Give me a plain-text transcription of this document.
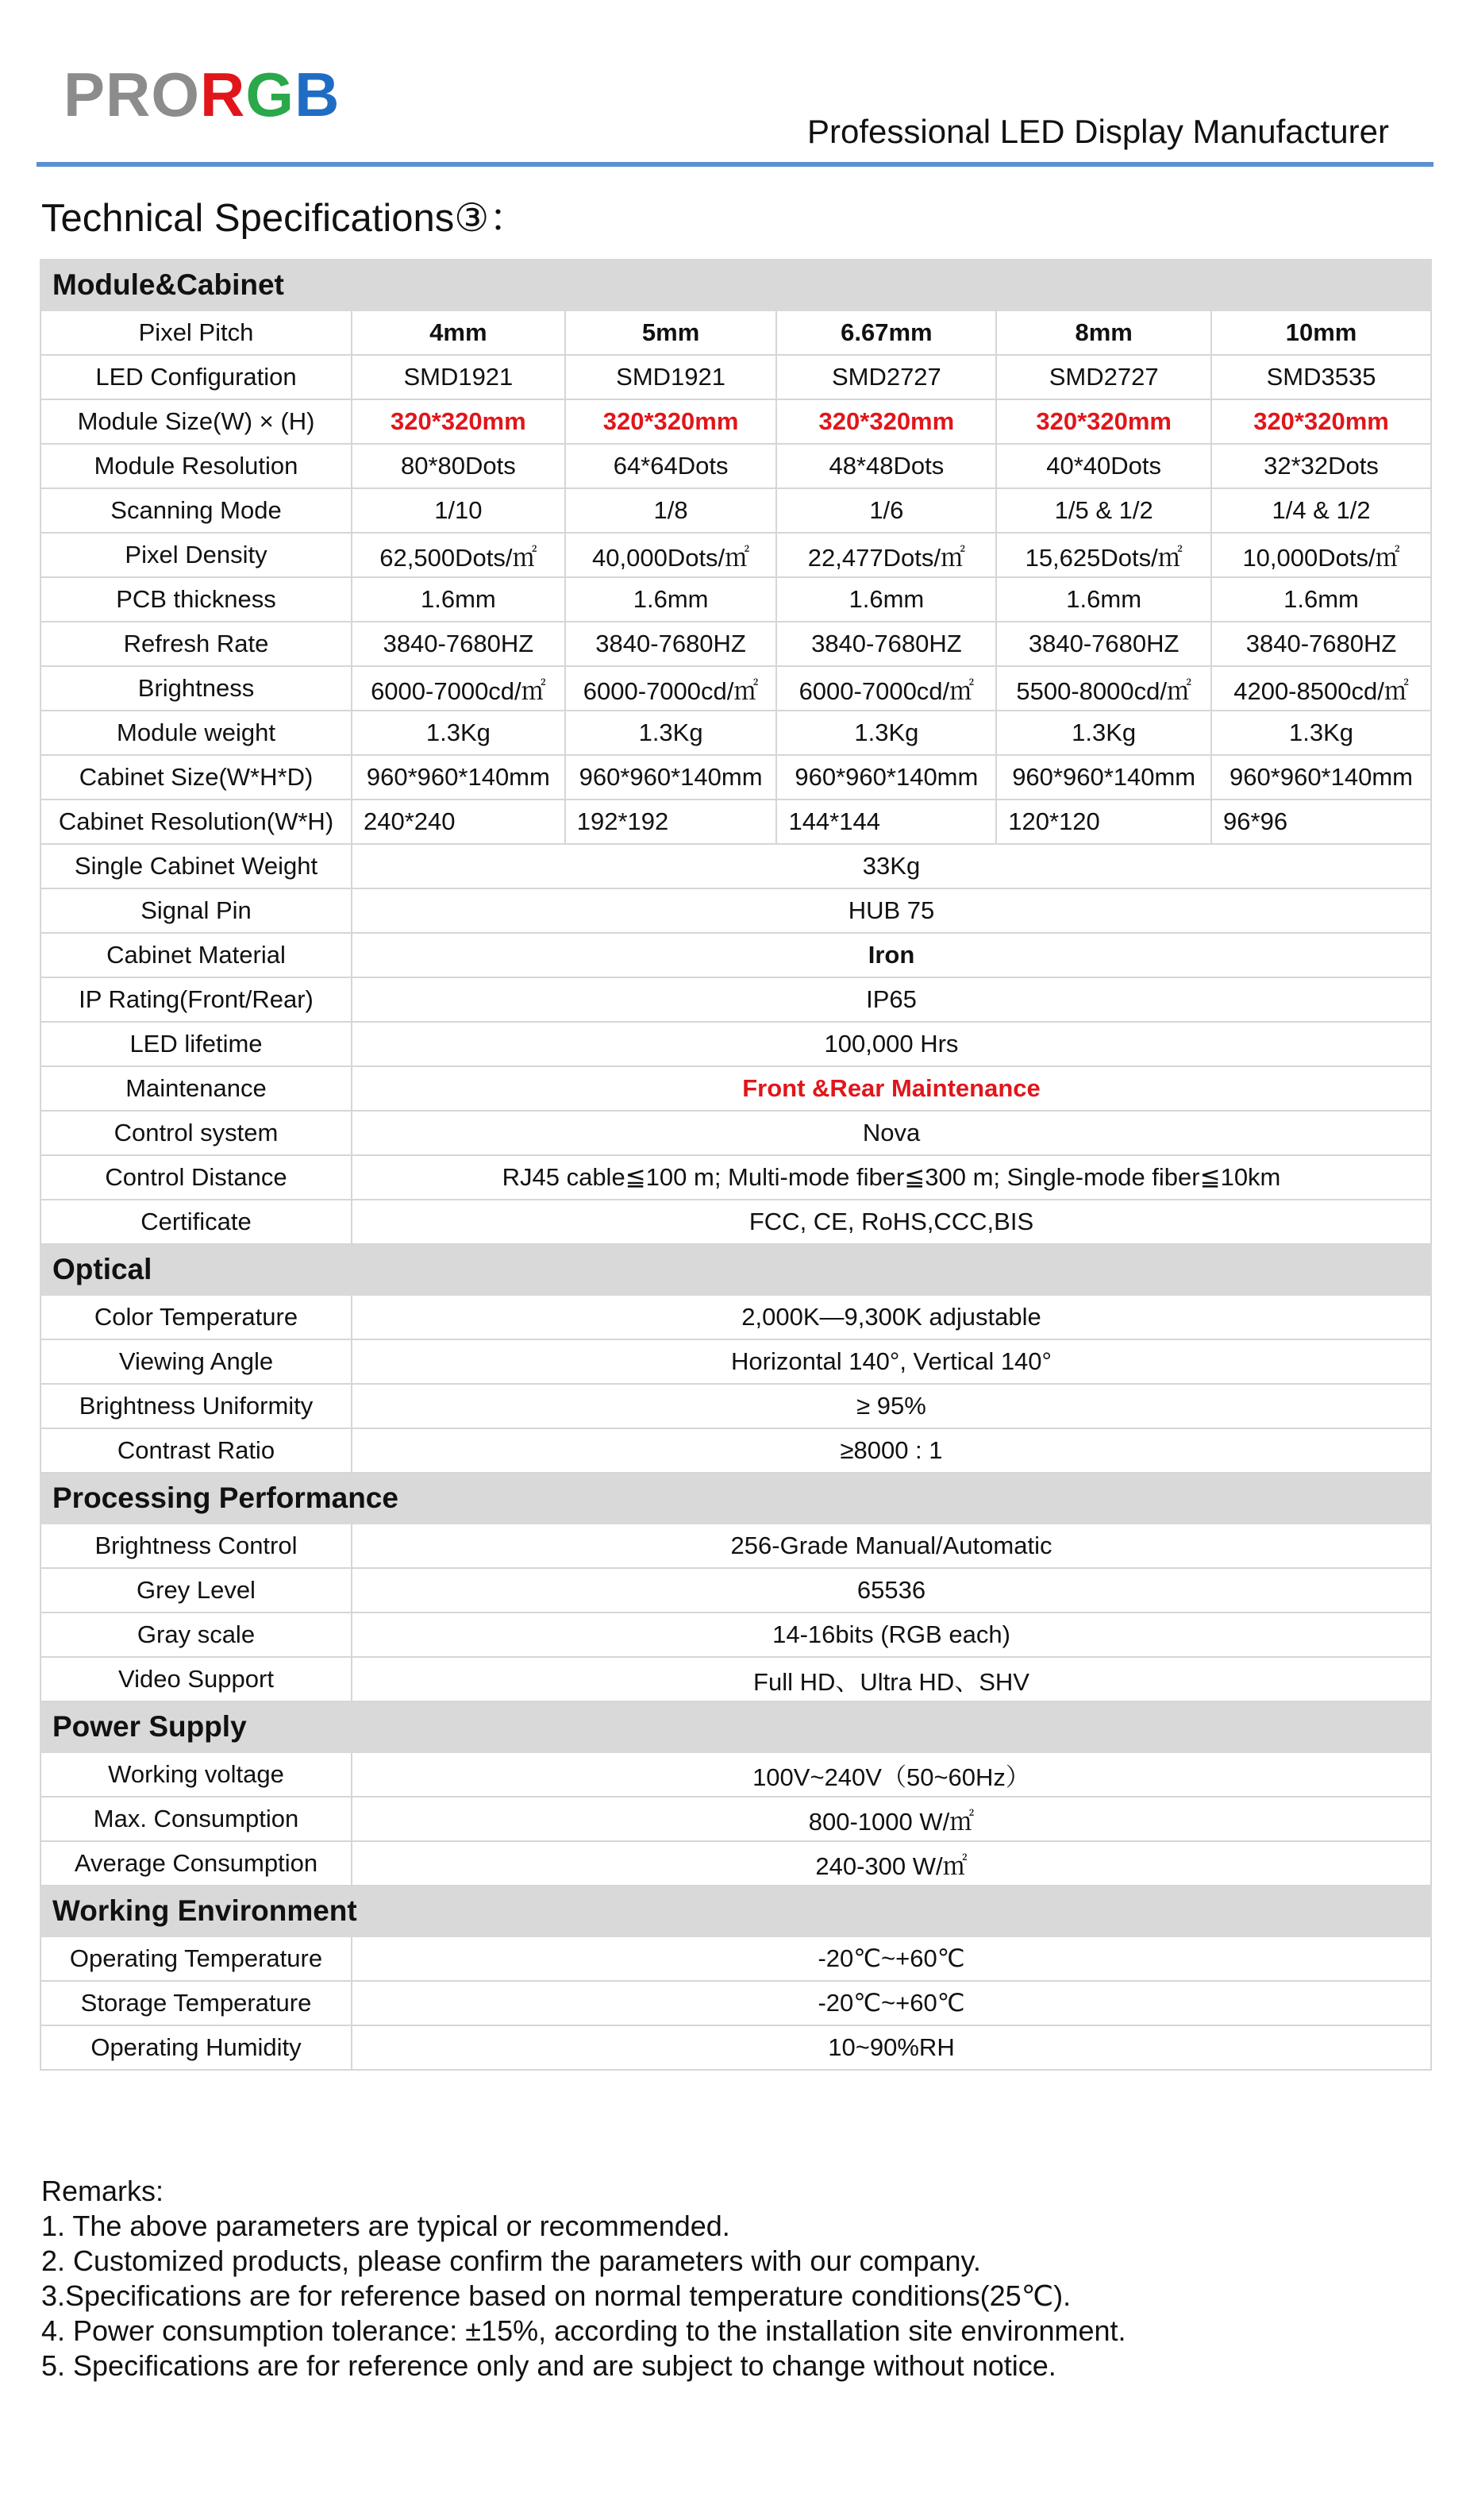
PRORGB
Professional LED Display Manufacturer
Technical Specifications③：
Module&Cabinet					
Pixel Pitch	4mm	5mm	6.67mm	8mm	10mm
LED Configuration	SMD1921	SMD1921	SMD2727	SMD2727	SMD3535
Module Size(W) × (H)	320*320mm	320*320mm	320*320mm	320*320mm	320*320mm
Module Resolution	80*80Dots	64*64Dots	48*48Dots	40*40Dots	32*32Dots
Scanning Mode	1/10	1/8	1/6	1/5 & 1/2	1/4 & 1/2
Pixel Density	62,500Dots/㎡	40,000Dots/㎡	22,477Dots/㎡	15,625Dots/㎡	10,000Dots/㎡
PCB thickness	1.6mm	1.6mm	1.6mm	1.6mm	1.6mm
Refresh Rate	3840-7680HZ	3840-7680HZ	3840-7680HZ	3840-7680HZ	3840-7680HZ
Brightness	6000-7000cd/㎡	6000-7000cd/㎡	6000-7000cd/㎡	5500-8000cd/㎡	4200-8500cd/㎡
Module weight	1.3Kg	1.3Kg	1.3Kg	1.3Kg	1.3Kg
Cabinet Size(W*H*D)	960*960*140mm	960*960*140mm	960*960*140mm	960*960*140mm	960*960*140mm
Cabinet Resolution(W*H)	240*240	192*192	144*144	120*120	96*96
Single Cabinet Weight	33Kg				
Signal Pin	HUB 75				
Cabinet Material	Iron				
IP Rating(Front/Rear)	IP65				
LED lifetime	100,000 Hrs				
Maintenance	Front &Rear Maintenance				
Control system	Nova				
Control Distance	RJ45 cable≦100 m; Multi-mode fiber≦300 m; Single-mode fiber≦10km				
Certificate	FCC, CE, RoHS,CCC,BIS				
Optical					
Color Temperature	2,000K—9,300K adjustable				
Viewing Angle	Horizontal 140°, Vertical 140°				
Brightness Uniformity	≥ 95%				
Contrast Ratio	≥8000 : 1				
Processing Performance					
Brightness Control	256-Grade Manual/Automatic				
Grey Level	65536				
Gray scale	14-16bits (RGB each)				
Video Support	Full HD、Ultra HD、SHV				
Power Supply					
Working voltage	100V~240V（50~60Hz）				
Max. Consumption	800-1000 W/㎡				
Average Consumption	240-300 W/㎡				
Working Environment					
Operating Temperature	-20℃~+60℃				
Storage Temperature	-20℃~+60℃				
Operating Humidity	10~90%RH				
Remarks:
1. The above parameters are typical or recommended.
2. Customized products, please confirm the parameters with our company.
3.Specifications are for reference based on normal temperature conditions(25℃).
4. Power consumption tolerance: ±15%, according to the installation site environment.
5. Specifications are for reference only and are subject to change without notice.
